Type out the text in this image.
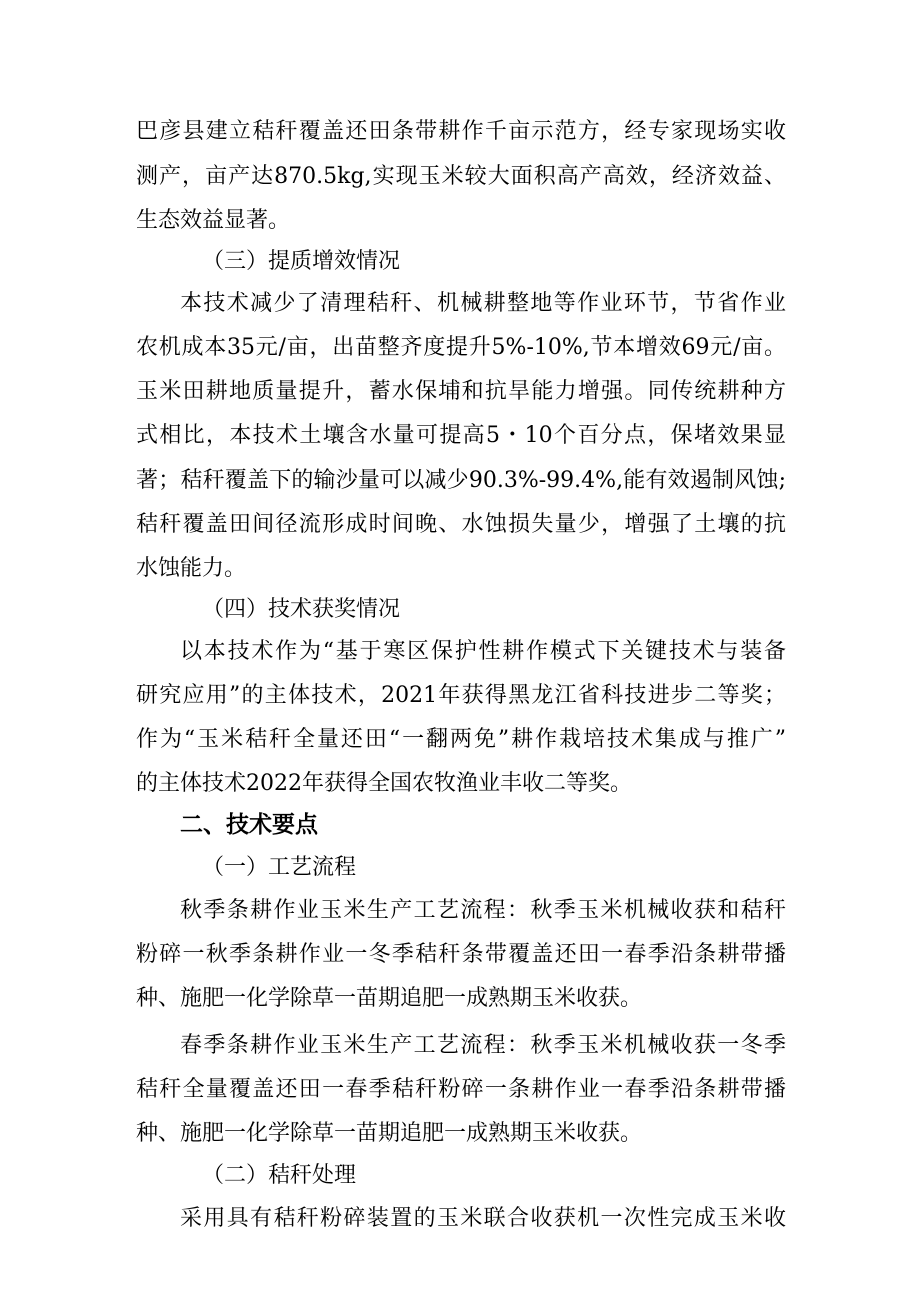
巴彦县建立秸秆覆盖还田条带耕作千亩示范方，经专家现场实收
测产，亩产达870.5kg,实现玉米较大面积高产高效，经济效益、
生态效益显著。
（三）提质增效情况
本技术减少了清理秸秆、机械耕整地等作业环节，节省作业
农机成本35元/亩，出苗整齐度提升5%-10%,节本增效69元/亩。
玉米田耕地质量提升，蓄水保埔和抗旱能力增强。同传统耕种方
式相比，本技术土壤含水量可提高5・10个百分点，保堵效果显
著；秸秆覆盖下的输沙量可以减少90.3%-99.4%,能有效遏制风蚀;
秸秆覆盖田间径流形成时间晚、水蚀损失量少，增强了土壤的抗
水蚀能力。
（四）技术获奖情况
以本技术作为“基于寒区保护性耕作模式下关键技术与装备
研究应用”的主体技术，2021年获得黑龙江省科技进步二等奖；
作为“玉米秸秆全量还田“一翻两免”耕作栽培技术集成与推广”
的主体技术2022年获得全国农牧渔业丰收二等奖。
二、技术要点
（一）工艺流程
秋季条耕作业玉米生产工艺流程：秋季玉米机械收获和秸秆
粉碎一秋季条耕作业一冬季秸秆条带覆盖还田一春季沿条耕带播
种、施肥一化学除草一苗期追肥一成熟期玉米收获。
春季条耕作业玉米生产工艺流程：秋季玉米机械收获一冬季
秸秆全量覆盖还田一春季秸秆粉碎一条耕作业一春季沿条耕带播
种、施肥一化学除草一苗期追肥一成熟期玉米收获。
（二）秸秆处理
采用具有秸秆粉碎装置的玉米联合收获机一次性完成玉米收
